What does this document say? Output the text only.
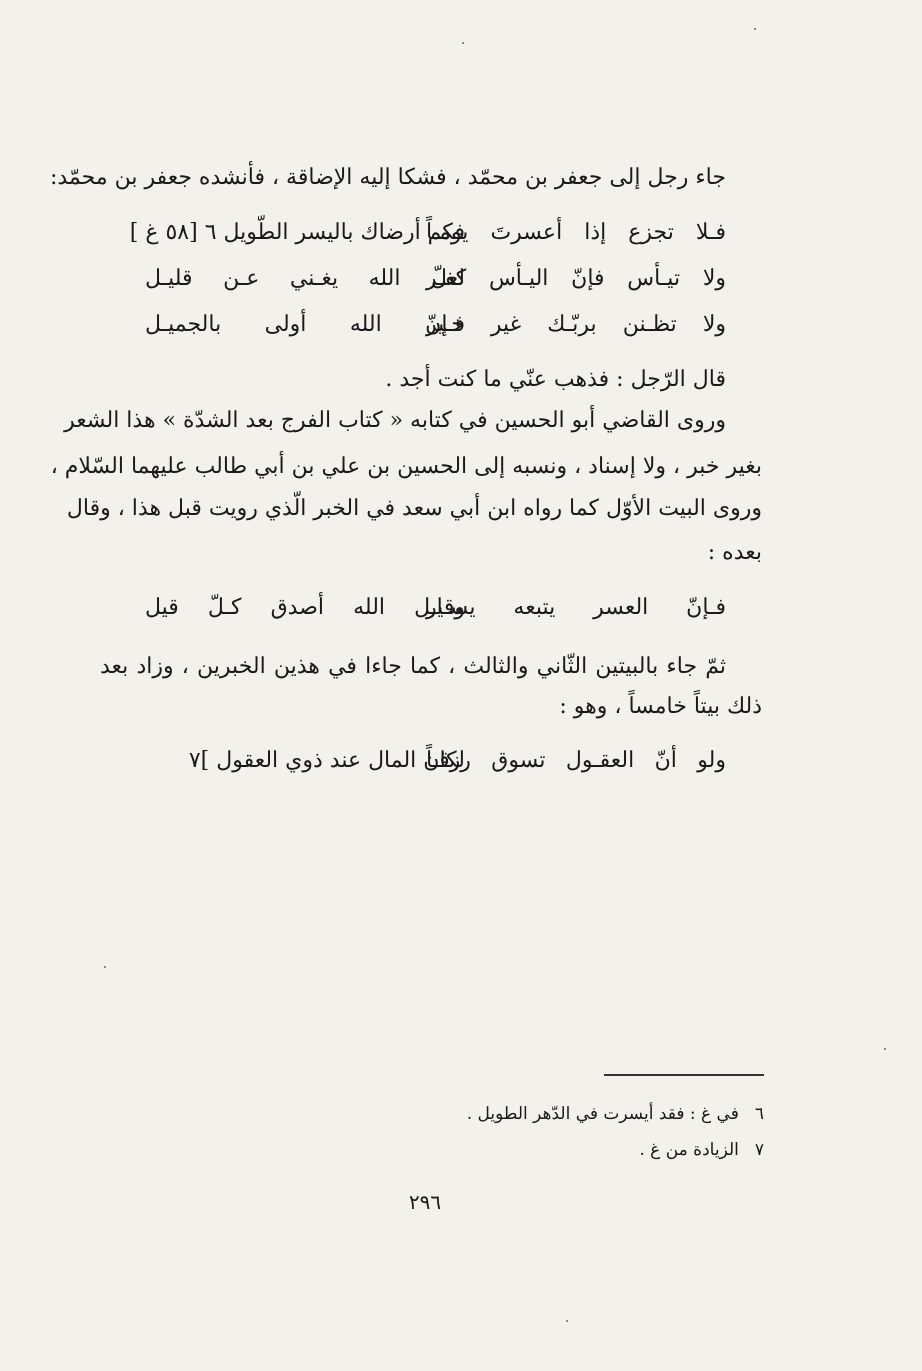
جاء رجل إلى جعفر بن محمّد ، فشكا إليه الإضاقة ، فأنشده جعفر بن محمّد:
فـلا تجزع إذا أعسرتَ يومـاً
فكم أرضاك باليسر الطّويل ٦ [٥٨ غ ]
ولا تيـأس فإنّ اليـأس كفـر
لعلّ الله يغـني عـن قليـل
ولا تظـنن بربّـك غير خـير
فـإنّ الله أولى بالجميـل
قال الرّجل : فذهب عنّي ما كنت أجد .
وروى القاضي أبو الحسين في كتابه « كتاب الفرج بعد الشدّة » هذا الشعر
بغير خبر ، ولا إسناد ، ونسبه إلى الحسين بن علي بن أبي طالب عليهما السّلام ،
وروى البيت الأوّل كما رواه ابن أبي سعد في الخبر الّذي رويت قبل هذا ، وقال
بعده :
فـإنّ العسر يتبعه يسـار
وقيـل الله أصدق كـلّ قيل
ثمّ جاء بالبيتين الثّاني والثالث ، كما جاءا في هذين الخبرين ، وزاد بعد
ذلك بيتاً خامساً ، وهو :
ولو أنّ العقـول تسوق رزقـاً
لكان المال عند ذوي العقول ]٧
٦في غ : فقد أيسرت في الدّهر الطويل .
٧الزيادة من غ .
٢٩٦
